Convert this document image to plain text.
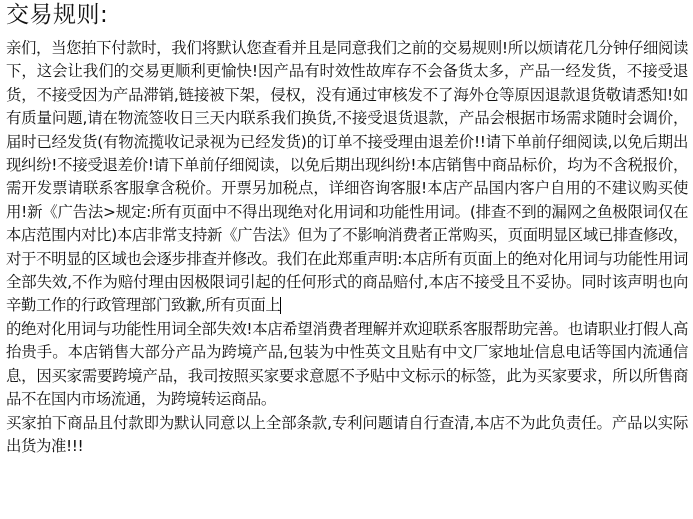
交易规则:

亲们，当您拍下付款时，我们将默认您查看并且是同意我们之前的交易规则!所以烦请花几分钟仔细阅读下，这会让我们的交易更顺利更愉快!因产品有时效性故库存不会备货太多，产品一经发货，不接受退货，不接受因为产品滞销,链接被下架，侵权，没有通过审核发不了海外仓等原因退款退货敬请悉知!如有质量问题,请在物流签收日三天内联系我们换货,不接受退货退款，产品会根据市场需求随时会调价，届时已经发货(有物流揽收记录视为已经发货)的订单不接受理由退差价!!请下单前仔细阅读,以免后期出现纠纷!不接受退差价!请下单前仔细阅读，以免后期出现纠纷!本店销售中商品标价，均为不含税报价，需开发票请联系客服拿含税价。开票另加税点，详细咨询客服!本店产品国内客户自用的不建议购买使用!新《广告法>规定:所有页面中不得出现绝对化用词和功能性用词。(排查不到的漏网之鱼极限词仅在本店范围内对比)本店非常支持新《广告法》但为了不影响消费者正常购买，页面明显区域已排查修改，对于不明显的区域也会逐步排查并修改。我们在此郑重声明:本店所有页面上的绝对化用词与功能性用词全部失效,不作为赔付理由因极限词引起的任何形式的商品赔付,本店不接受且不妥协。同时该声明也向辛勤工作的行政管理部门致歉,所有页面上

的绝对化用词与功能性用词全部失效!本店希望消费者理解并欢迎联系客服帮助完善。也请职业打假人高抬贵手。本店销售大部分产品为跨境产品,包装为中性英文且贴有中文厂家地址信息电话等国内流通信息，因买家需要跨境产品，我司按照买家要求意愿不予贴中文标示的标签，此为买家要求，所以所售商品不在国内市场流通，为跨境转运商品。

买家拍下商品且付款即为默认同意以上全部条款,专利问题请自行查清,本店不为此负责任。产品以实际出货为准!!!
